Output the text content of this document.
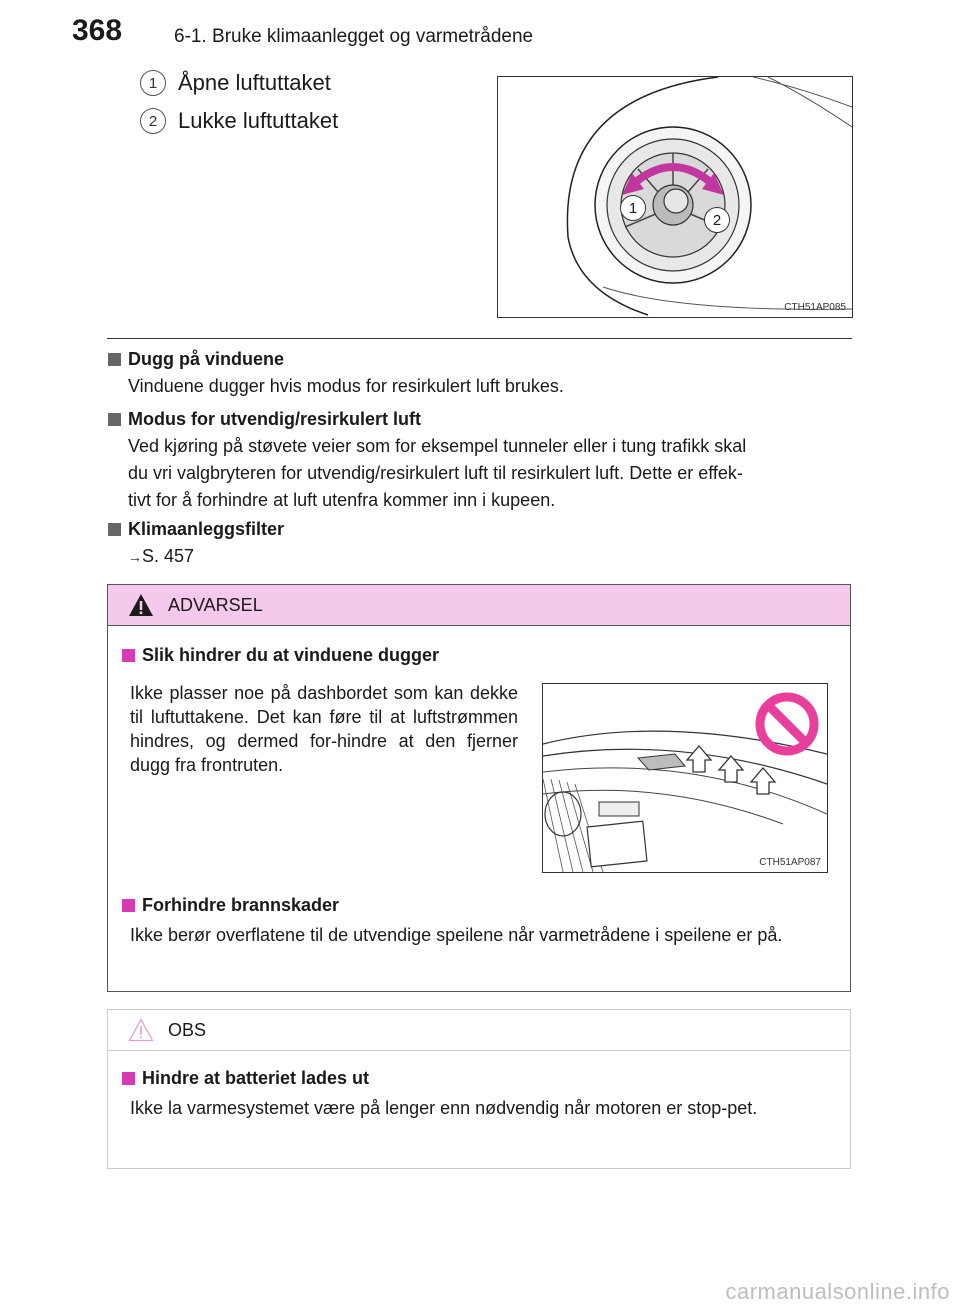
368	6-1. Bruke klimaanlegget og varmetrådene
1 Åpne luftuttaket
2 Lukke luftuttaket
1
2
CTH51AP085
Dugg på vinduene
Vinduene dugger hvis modus for resirkulert luft brukes.
Modus for utvendig/resirkulert luft
Ved kjøring på støvete veier som for eksempel tunneler eller i tung trafikk skal
du vri valgbryteren for utvendig/resirkulert luft til resirkulert luft. Dette er effek-
tivt for å forhindre at luft utenfra kommer inn i kupeen.
Klimaanleggsfilter
→S. 457
ADVARSEL
Slik hindrer du at vinduene dugger
Ikke plasser noe på dashbordet som kan dekke til luftuttakene. Det kan føre til at luftstrømmen hindres, og dermed for-hindre at den fjerner dugg fra frontruten.
CTH51AP087
Forhindre brannskader
Ikke berør overflatene til de utvendige speilene når varmetrådene i speilene er på.
OBS
Hindre at batteriet lades ut
Ikke la varmesystemet være på lenger enn nødvendig når motoren er stop-pet.
carmanualsonline.info
